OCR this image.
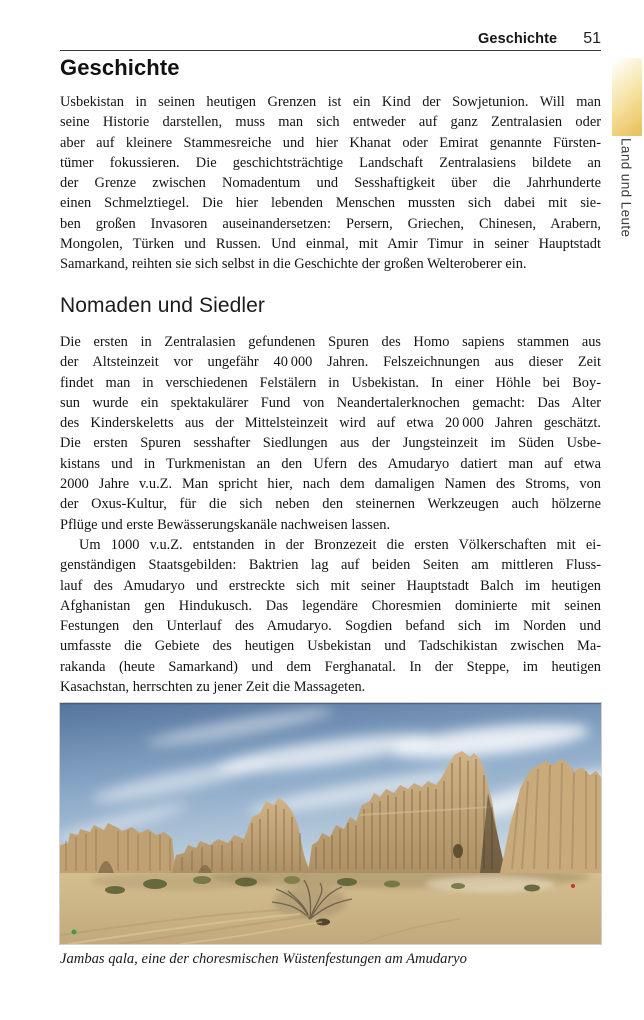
Geschichte 51
Land und Leute
Geschichte
Usbekistan in seinen heutigen Grenzen ist ein Kind der Sowjetunion. Will man
seine Historie darstellen, muss man sich entweder auf ganz Zentralasien oder
aber auf kleinere Stammesreiche und hier Khanat oder Emirat genannte Fürsten-
tümer fokussieren. Die geschichtsträchtige Landschaft Zentralasiens bildete an
der Grenze zwischen Nomadentum und Sesshaftigkeit über die Jahrhunderte
einen Schmelztiegel. Die hier lebenden Menschen mussten sich dabei mit sie-
ben großen Invasoren auseinandersetzen: Persern, Griechen, Chinesen, Arabern,
Mongolen, Türken und Russen. Und einmal, mit Amir Timur in seiner Hauptstadt
Samarkand, reihten sie sich selbst in die Geschichte der großen Welteroberer ein.
Nomaden und Siedler
Die ersten in Zentralasien gefundenen Spuren des Homo sapiens stammen aus
der Altsteinzeit vor ungefähr 40 000 Jahren. Felszeichnungen aus dieser Zeit
findet man in verschiedenen Felstälern in Usbekistan. In einer Höhle bei Boy-
sun wurde ein spektakulärer Fund von Neandertalerknochen gemacht: Das Alter
des Kinderskeletts aus der Mittelsteinzeit wird auf etwa 20 000 Jahren geschätzt.
Die ersten Spuren sesshafter Siedlungen aus der Jungsteinzeit im Süden Usbe-
kistans und in Turkmenistan an den Ufern des Amudaryo datiert man auf etwa
2000 Jahre v.u.Z. Man spricht hier, nach dem damaligen Namen des Stroms, von
der Oxus-Kultur, für die sich neben den steinernen Werkzeugen auch hölzerne
Pflüge und erste Bewässerungskanäle nachweisen lassen.
Um 1000 v.u.Z. entstanden in der Bronzezeit die ersten Völkerschaften mit ei-
genständigen Staatsgebilden: Baktrien lag auf beiden Seiten am mittleren Fluss-
lauf des Amudaryo und erstreckte sich mit seiner Hauptstadt Balch im heutigen
Afghanistan gen Hindukusch. Das legendäre Choresmien dominierte mit seinen
Festungen den Unterlauf des Amudaryo. Sogdien befand sich im Norden und
umfasste die Gebiete des heutigen Usbekistan und Tadschikistan zwischen Ma-
rakanda (heute Samarkand) und dem Ferghanatal. In der Steppe, im heutigen
Kasachstan, herrschten zu jener Zeit die Massageten.
Jambas qala, eine der choresmischen Wüstenfestungen am Amudaryo
